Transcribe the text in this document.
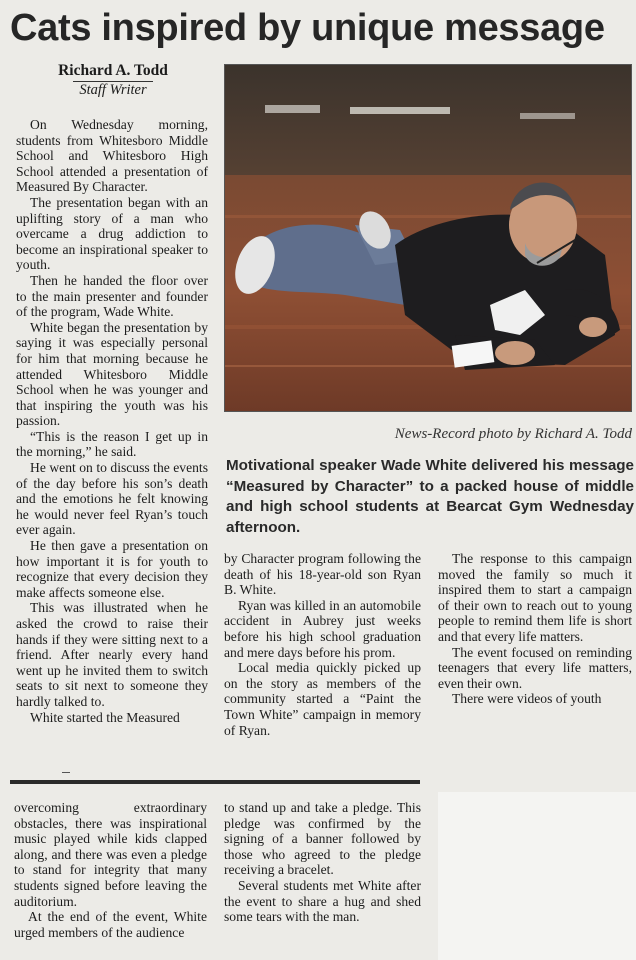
Cats inspired by unique message
Richard A. Todd
Staff Writer

On Wednesday morning, students from Whitesboro Middle School and Whitesboro High School attended a presentation of Measured By Character.

The presentation began with an uplifting story of a man who overcame a drug addiction to become an inspirational speaker to youth.

Then he handed the floor over to the main presenter and founder of the program, Wade White.

White began the presentation by saying it was especially personal for him that morning because he attended Whitesboro Middle School when he was younger and that inspiring the youth was his passion.

“This is the reason I get up in the morning,” he said.

He went on to discuss the events of the day before his son’s death and the emotions he felt knowing he would never feel Ryan’s touch ever again.

He then gave a presentation on how important it is for youth to recognize that every decision they make affects someone else.

This was illustrated when he asked the crowd to raise their hands if they were sitting next to a friend. After nearly every hand went up he invited them to switch seats to sit next to someone they hardly talked to.

White started the Measured

News-Record photo by Richard A. Todd
Motivational speaker Wade White delivered his message “Measured by Character” to a packed house of middle and high school students at Bearcat Gym Wednesday afternoon.

by Character program following the death of his 18-year-old son Ryan B. White.

Ryan was killed in an automobile accident in Aubrey just weeks before his high school graduation and mere days before his prom.

Local media quickly picked up on the story as members of the community started a “Paint the Town White” campaign in memory of Ryan.

The response to this campaign moved the family so much it inspired them to start a campaign of their own to reach out to young people to remind them life is short and that every life matters.

The event focused on reminding teenagers that every life matters, even their own.

There were videos of youth

overcoming extraordinary obstacles, there was inspirational music played while kids clapped along, and there was even a pledge to stand for integrity that many students signed before leaving the auditorium.

At the end of the event, White urged members of the audience

to stand up and take a pledge. This pledge was confirmed by the signing of a banner followed by those who agreed to the pledge receiving a bracelet.

Several students met White after the event to share a hug and shed some tears with the man.
